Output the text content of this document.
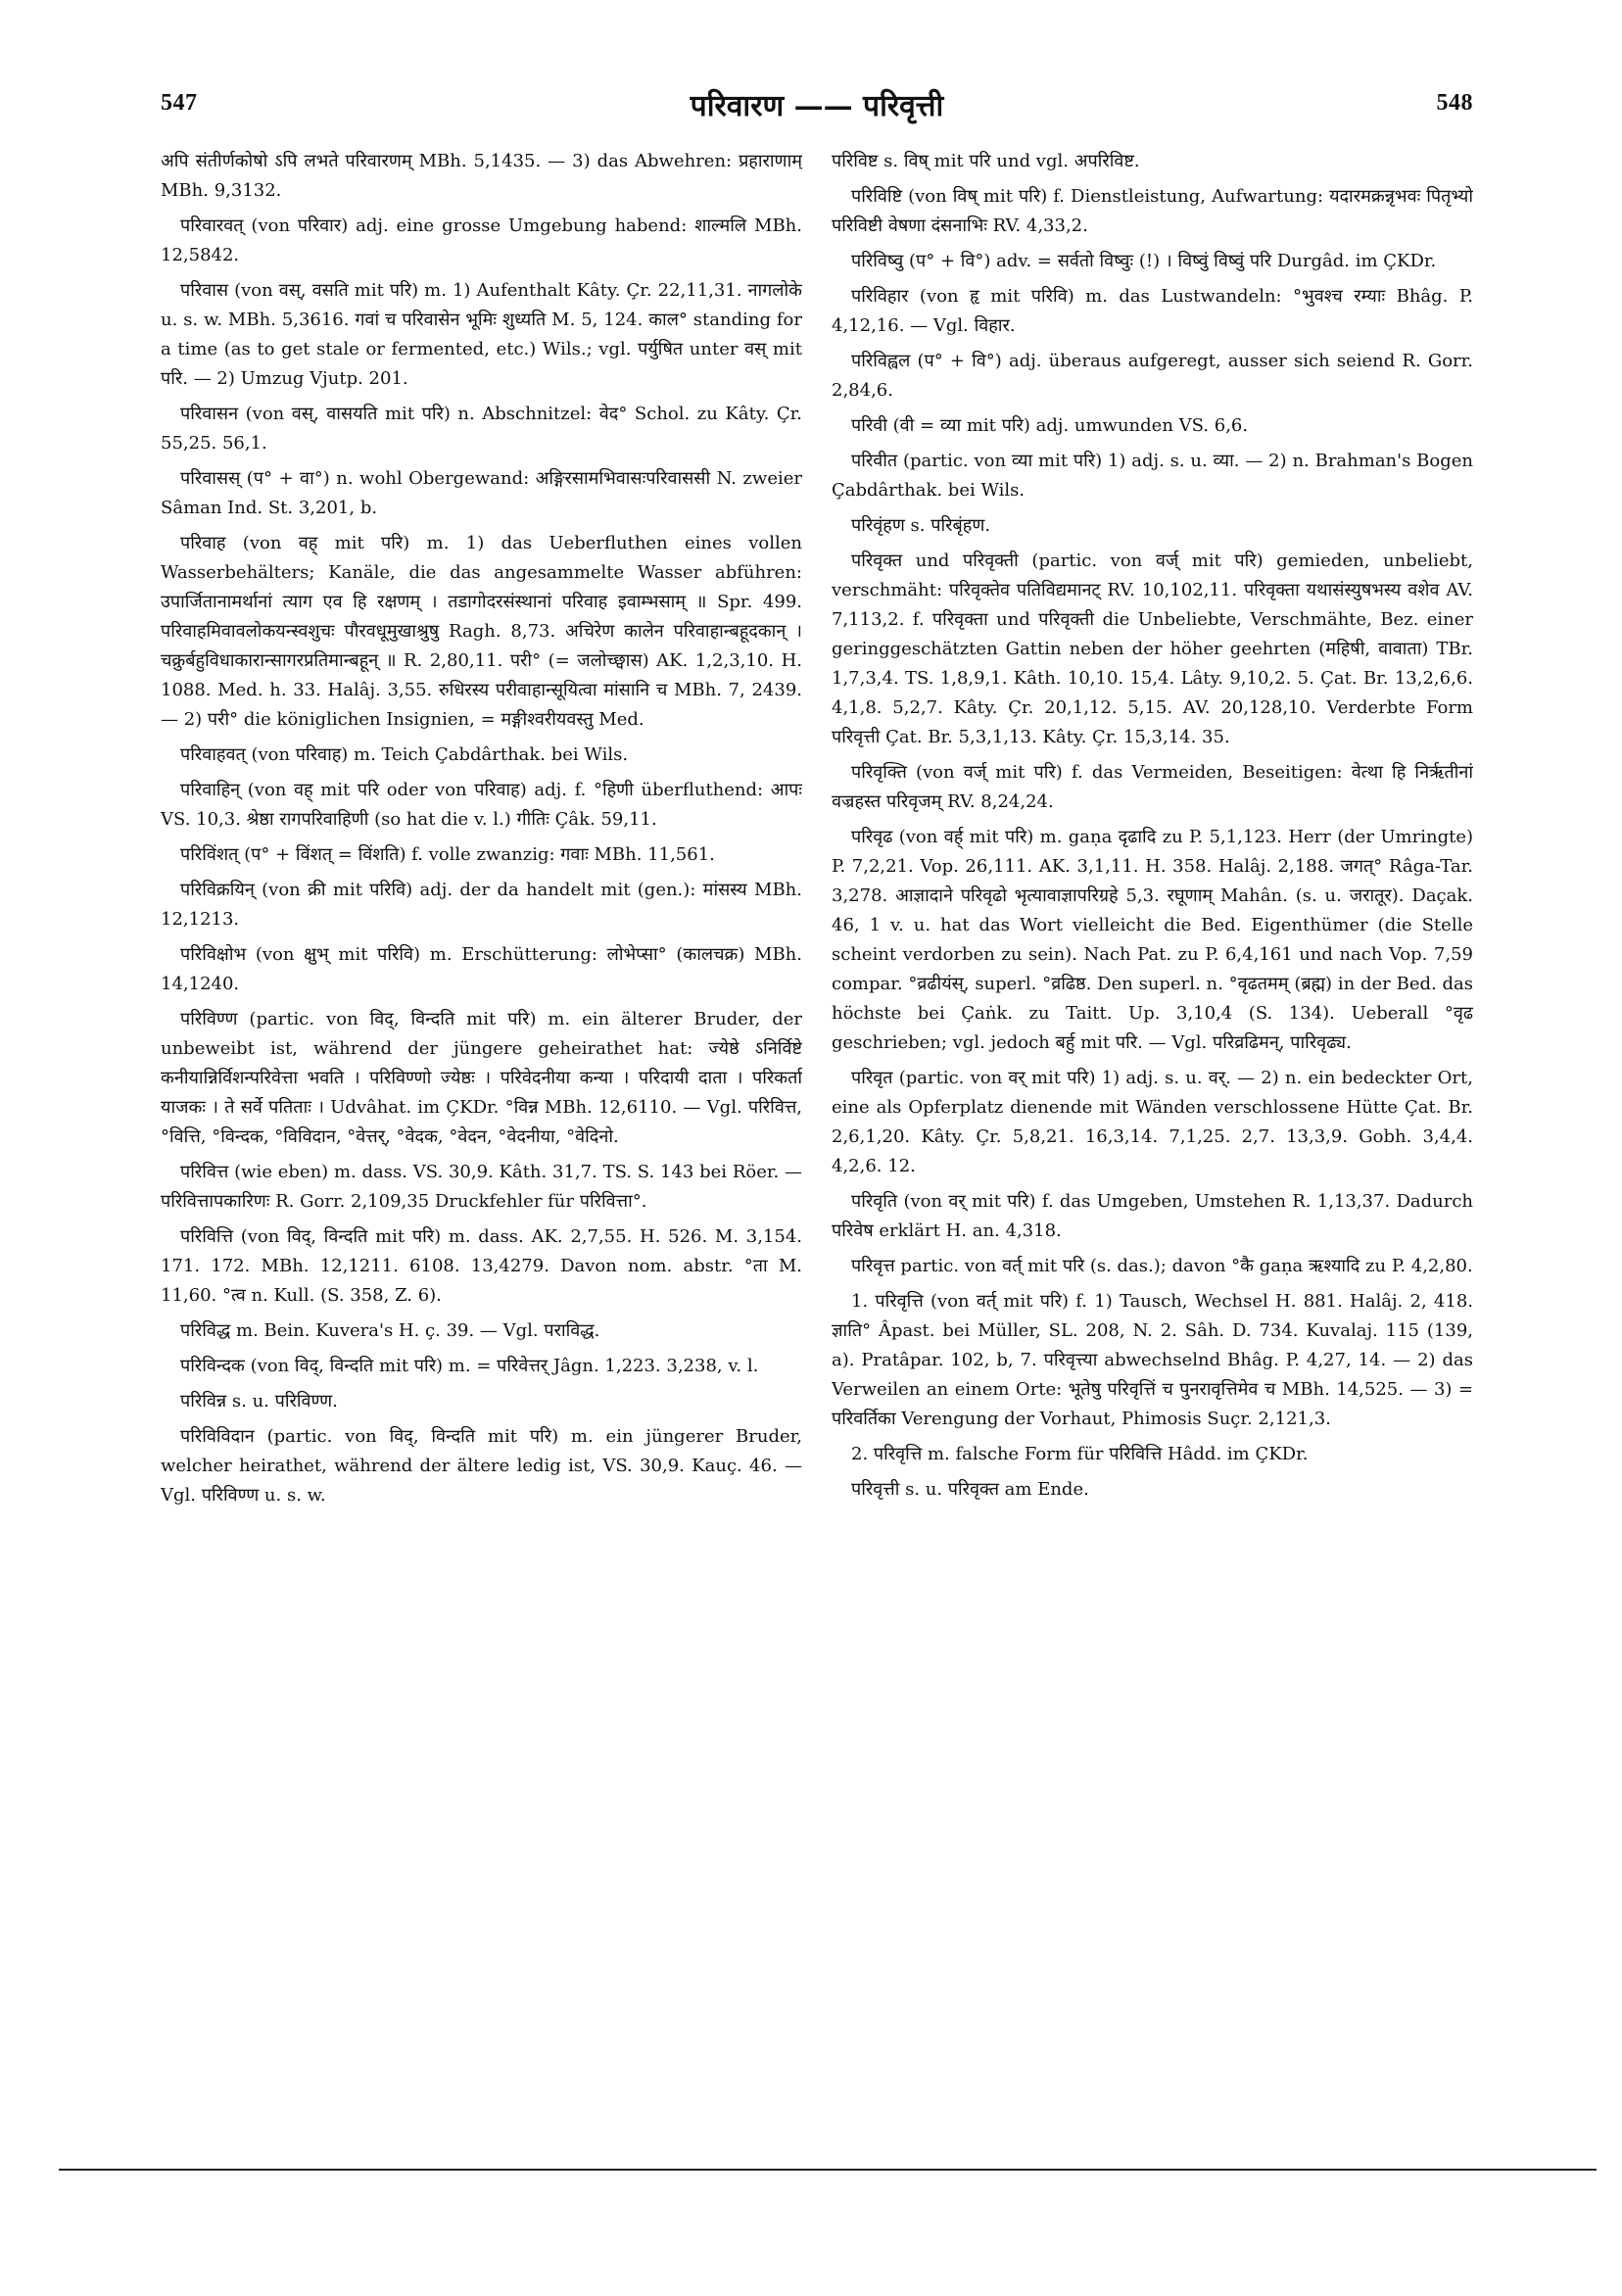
547	परिवारण —— परिवृत्ती	548

अपि संतीर्णकोषो ऽपि लभते परिवारणम् MBh. 5,1435. — 3) das Abwehren: प्रहाराणाम् MBh. 9,3132.

परिवारवत् (von परिवार) adj. eine grosse Umgebung habend: शाल्मलि MBh. 12,5842.

परिवास (von वस्, वसति mit परि) m. 1) Aufenthalt Kâty. Çr. 22,11,31. नागलोके u. s. w. MBh. 5,3616. गवां च परिवासेन भूमिः शुध्यति M. 5, 124. काल° standing for a time (as to get stale or fermented, etc.) Wils.; vgl. पर्युषित unter वस् mit परि. — 2) Umzug Vjutp. 201.

परिवासन (von वस्, वासयति mit परि) n. Abschnitzel: वेद° Schol. zu Kâty. Çr. 55,25. 56,1.

परिवासस् (प° + वा°) n. wohl Obergewand: अङ्गिरसामभिवासःपरिवाससी N. zweier Sâman Ind. St. 3,201, b.

परिवाह (von वह् mit परि) m. 1) das Ueberfluthen eines vollen Wasserbehälters; Kanäle, die das angesammelte Wasser abführen: उपार्जितानामर्थानां त्याग एव हि रक्षणम् । तडागोदरसंस्थानां परिवाह इवाम्भसाम् ॥ Spr. 499. परिवाहमिवावलोकयन्स्वशुचः पौरवधूमुखाश्रुषु Ragh. 8,73. अचिरेण कालेन परिवाहान्बहूदकान् । चक्रुर्बहुविधाकारान्सागरप्रतिमान्बहून् ॥ R. 2,80,11. परी° (= जलोच्छ्वास) AK. 1,2,3,10. H. 1088. Med. h. 33. Halâj. 3,55. रुधिरस्य परीवाहान्सूयित्वा मांसानि च MBh. 7, 2439. — 2) परी° die königlichen Insignien, = मङ्गीश्वरीयवस्तु Med.

परिवाहवत् (von परिवाह) m. Teich Çabdârthak. bei Wils.

परिवाहिन् (von वह् mit परि oder von परिवाह) adj. f. °हिणी überfluthend: आपः VS. 10,3. श्रेष्ठा रागपरिवाहिणी (so hat die v. l.) गीतिः Çâk. 59,11.

परिविंशत् (प° + विंशत् = विंशति) f. volle zwanzig: गवाः MBh. 11,561.

परिविक्रयिन् (von क्री mit परिवि) adj. der da handelt mit (gen.): मांसस्य MBh. 12,1213.

परिविक्षोभ (von क्षुभ् mit परिवि) m. Erschütterung: लोभेप्सा° (कालचक्र) MBh. 14,1240.

परिविण्ण (partic. von विद्, विन्दति mit परि) m. ein älterer Bruder, der unbeweibt ist, während der jüngere geheirathet hat: ज्येष्ठे ऽनिर्विष्टे कनीयान्निर्विशन्परिवेत्ता भवति । परिविण्णो ज्येष्ठः । परिवेदनीया कन्या । परिदायी दाता । परिकर्ता याजकः । ते सर्वे पतिताः । Udvâhat. im ÇKDr. °विन्न MBh. 12,6110. — Vgl. परिवित्त, °वित्ति, °विन्दक, °विविदान, °वेत्तर्, °वेदक, °वेदन, °वेदनीया, °वेदिनो.

परिवित्त (wie eben) m. dass. VS. 30,9. Kâth. 31,7. TS. S. 143 bei Röer. — परिवित्तापकारिणः R. Gorr. 2,109,35 Druckfehler für परिवित्ता°.

परिवित्ति (von विद्, विन्दति mit परि) m. dass. AK. 2,7,55. H. 526. M. 3,154. 171. 172. MBh. 12,1211. 6108. 13,4279. Davon nom. abstr. °ता M. 11,60. °त्व n. Kull. (S. 358, Z. 6).

परिविद्ध m. Bein. Kuvera's H. ç. 39. — Vgl. पराविद्ध.

परिविन्दक (von विद्, विन्दति mit परि) m. = परिवेत्तर् Jâgn. 1,223. 3,238, v. l.

परिविन्न s. u. परिविण्ण.

परिविविदान (partic. von विद्, विन्दति mit परि) m. ein jüngerer Bruder, welcher heirathet, während der ältere ledig ist, VS. 30,9. Kauç. 46. — Vgl. परिविण्ण u. s. w.

परिविष्ट s. विष् mit परि und vgl. अपरिविष्ट.

परिविष्टि (von विष् mit परि) f. Dienstleistung, Aufwartung: यदारमक्रन्नृभवः पितृभ्यो परिविष्टी वेषणा दंसनाभिः RV. 4,33,2.

परिविष्वु (प° + वि°) adv. = सर्वतो विष्वुः (!) । विष्वुं विष्वुं परि Durgâd. im ÇKDr.

परिविहार (von हृ mit परिवि) m. das Lustwandeln: °भुवश्च रम्याः Bhâg. P. 4,12,16. — Vgl. विहार.

परिविह्वल (प° + वि°) adj. überaus aufgeregt, ausser sich seiend R. Gorr. 2,84,6.

परिवी (वी = व्या mit परि) adj. umwunden VS. 6,6.

परिवीत (partic. von व्या mit परि) 1) adj. s. u. व्या. — 2) n. Brahman's Bogen Çabdârthak. bei Wils.

परिवृंहण s. परिबृंहण.

परिवृक्त und परिवृक्ती (partic. von वर्ज् mit परि) gemieden, unbeliebt, verschmäht: परिवृक्तेव पतिविद्यमानट् RV. 10,102,11. परिवृक्ता यथासंस्युषभस्य वशेव AV. 7,113,2. f. परिवृक्ता und परिवृक्ती die Unbeliebte, Verschmähte, Bez. einer geringgeschätzten Gattin neben der höher geehrten (महिषी, वावाता) TBr. 1,7,3,4. TS. 1,8,9,1. Kâth. 10,10. 15,4. Lâty. 9,10,2. 5. Çat. Br. 13,2,6,6. 4,1,8. 5,2,7. Kâty. Çr. 20,1,12. 5,15. AV. 20,128,10. Verderbte Form परिवृत्ती Çat. Br. 5,3,1,13. Kâty. Çr. 15,3,14. 35.

परिवृक्ति (von वर्ज् mit परि) f. das Vermeiden, Beseitigen: वेत्था हि निर्ऋतीनां वज्रहस्त परिवृजम् RV. 8,24,24.

परिवृढ (von वर्ह् mit परि) m. gaṇa दृढादि zu P. 5,1,123. Herr (der Umringte) P. 7,2,21. Vop. 26,111. AK. 3,1,11. H. 358. Halâj. 2,188. जगत्° Râga-Tar. 3,278. आज्ञादाने परिवृढो भृत्यावाज्ञापरिग्रहे 5,3. रघूणाम् Mahân. (s. u. जरातूर). Daçak. 46, 1 v. u. hat das Wort vielleicht die Bed. Eigenthümer (die Stelle scheint verdorben zu sein). Nach Pat. zu P. 6,4,161 und nach Vop. 7,59 compar. °व्रढीयंस्, superl. °व्रढिष्ठ. Den superl. n. °वृढतमम् (ब्रह्म) in der Bed. das höchste bei Çaṅk. zu Taitt. Up. 3,10,4 (S. 134). Ueberall °वृढ geschrieben; vgl. jedoch बर्हु mit परि. — Vgl. परिव्रढिमन्, पारिवृढ्य.

परिवृत (partic. von वर् mit परि) 1) adj. s. u. वर्. — 2) n. ein bedeckter Ort, eine als Opferplatz dienende mit Wänden verschlossene Hütte Çat. Br. 2,6,1,20. Kâty. Çr. 5,8,21. 16,3,14. 7,1,25. 2,7. 13,3,9. Gobh. 3,4,4. 4,2,6. 12.

परिवृति (von वर् mit परि) f. das Umgeben, Umstehen R. 1,13,37. Dadurch परिवेष erklärt H. an. 4,318.

परिवृत्त partic. von वर्त् mit परि (s. das.); davon °कै gaṇa ऋश्यादि zu P. 4,2,80.

1. परिवृत्ति (von वर्त् mit परि) f. 1) Tausch, Wechsel H. 881. Halâj. 2, 418. ज्ञाति° Âpast. bei Müller, SL. 208, N. 2. Sâh. D. 734. Kuvalaj. 115 (139, a). Pratâpar. 102, b, 7. परिवृत्त्या abwechselnd Bhâg. P. 4,27, 14. — 2) das Verweilen an einem Orte: भूतेषु परिवृत्तिं च पुनरावृत्तिमेव च MBh. 14,525. — 3) = परिवर्तिका Verengung der Vorhaut, Phimosis Suçr. 2,121,3.

2. परिवृत्ति m. falsche Form für परिवित्ति Hâdd. im ÇKDr.

परिवृत्ती s. u. परिवृक्त am Ende.
